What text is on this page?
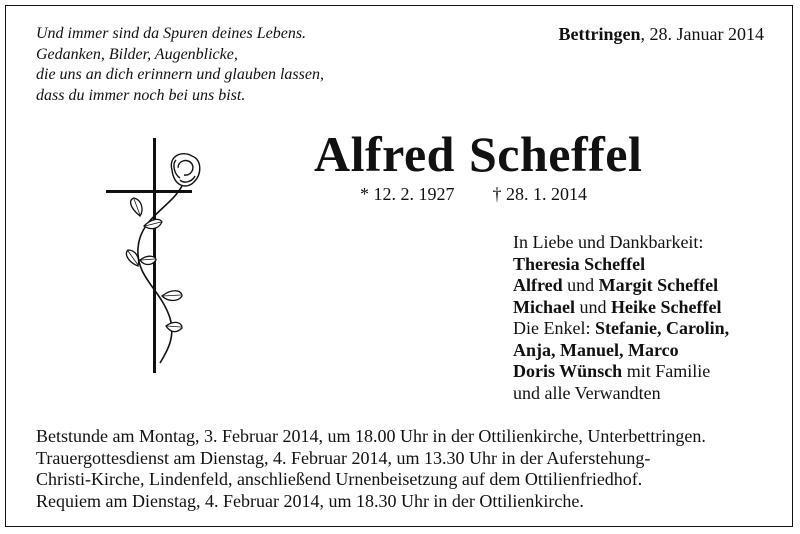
Und immer sind da Spuren deines Lebens.
Gedanken, Bilder, Augenblicke,
die uns an dich erinnern und glauben lassen,
dass du immer noch bei uns bist.
Bettringen, 28. Januar 2014
Alfred Scheffel
* 12. 2. 1927 † 28. 1. 2014
In Liebe und Dankbarkeit:
Theresia Scheffel
Alfred und Margit Scheffel
Michael und Heike Scheffel
Die Enkel: Stefanie, Carolin,
Anja, Manuel, Marco
Doris Wünsch mit Familie
und alle Verwandten
Betstunde am Montag, 3. Februar 2014, um 18.00 Uhr in der Ottilienkirche, Unterbettringen.
Trauergottesdienst am Dienstag, 4. Februar 2014, um 13.30 Uhr in der Auferstehung-
Christi-Kirche, Lindenfeld, anschließend Urnenbeisetzung auf dem Ottilienfriedhof.
Requiem am Dienstag, 4. Februar 2014, um 18.30 Uhr in der Ottilienkirche.
